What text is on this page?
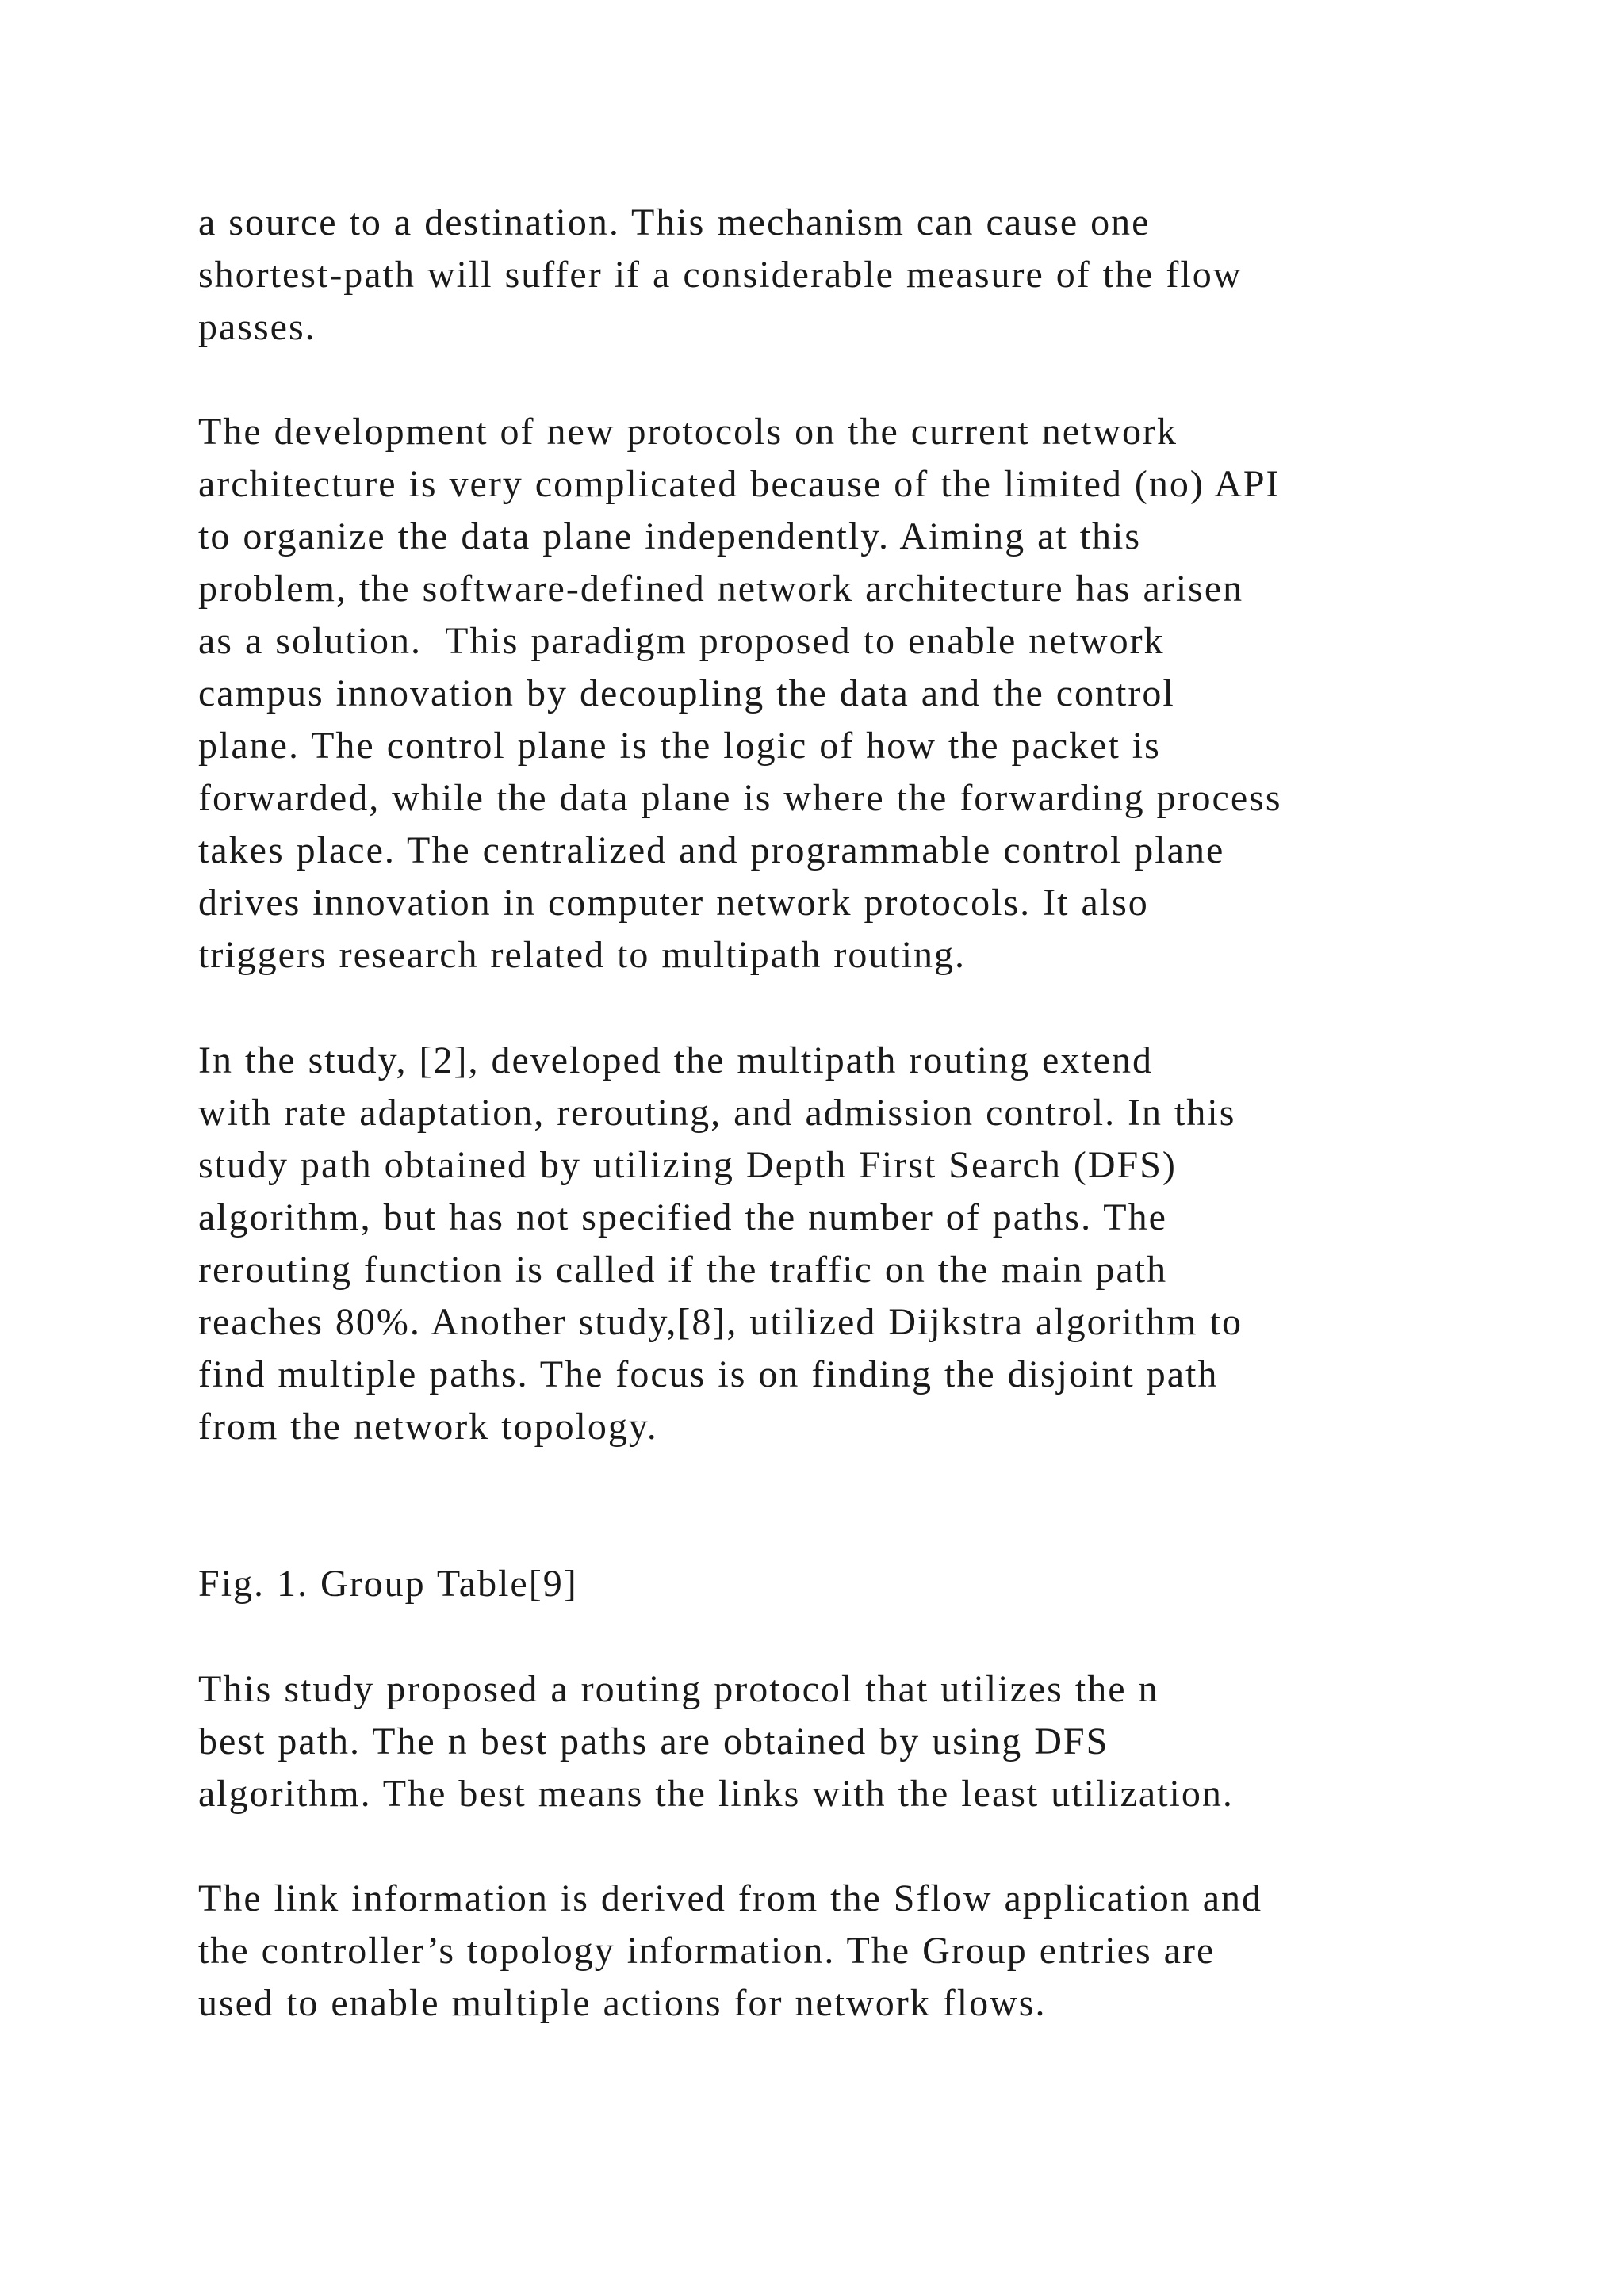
a source to a destination. This mechanism can cause one
shortest-path will suffer if a considerable measure of the flow
passes.

The development of new protocols on the current network
architecture is very complicated because of the limited (no) API
to organize the data plane independently. Aiming at this
problem, the software-defined network architecture has arisen
as a solution.  This paradigm proposed to enable network
campus innovation by decoupling the data and the control
plane. The control plane is the logic of how the packet is
forwarded, while the data plane is where the forwarding process
takes place. The centralized and programmable control plane
drives innovation in computer network protocols. It also
triggers research related to multipath routing.

In the study, [2], developed the multipath routing extend
with rate adaptation, rerouting, and admission control. In this
study path obtained by utilizing Depth First Search (DFS)
algorithm, but has not specified the number of paths. The
rerouting function is called if the traffic on the main path
reaches 80%. Another study,[8], utilized Dijkstra algorithm to
find multiple paths. The focus is on finding the disjoint path
from the network topology.

Fig. 1. Group Table[9]

This study proposed a routing protocol that utilizes the n
best path. The n best paths are obtained by using DFS
algorithm. The best means the links with the least utilization.

The link information is derived from the Sflow application and
the controller’s topology information. The Group entries are
used to enable multiple actions for network flows.
